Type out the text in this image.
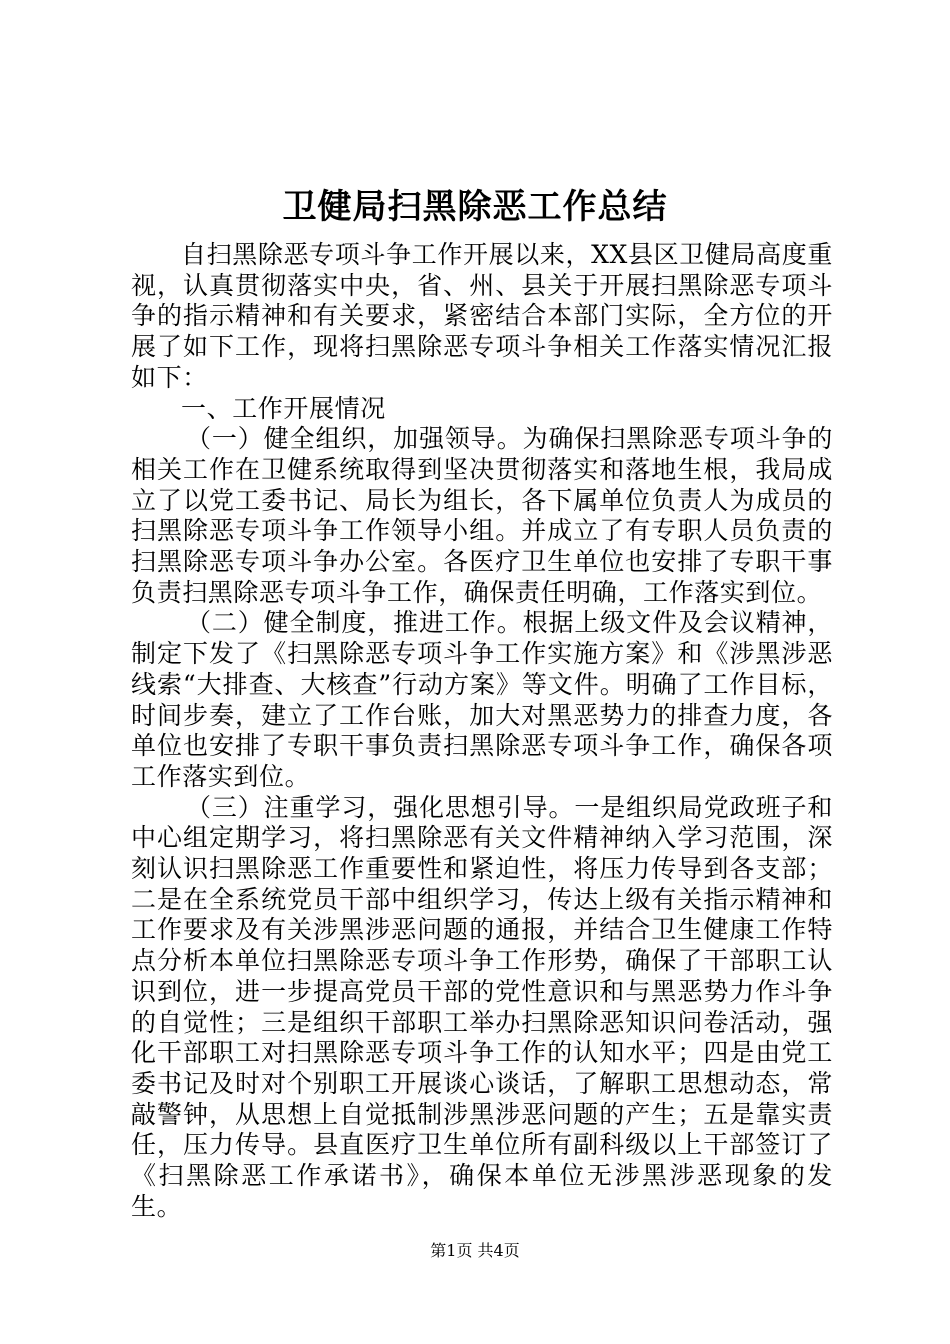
卫健局扫黑除恶工作总结

自扫黑除恶专项斗争工作开展以来，XX县区卫健局高度重视，认真贯彻落实中央，省、州、县关于开展扫黑除恶专项斗争的指示精神和有关要求，紧密结合本部门实际，全方位的开展了如下工作，现将扫黑除恶专项斗争相关工作落实情况汇报如下：

一、工作开展情况

（一）健全组织，加强领导。为确保扫黑除恶专项斗争的相关工作在卫健系统取得到坚决贯彻落实和落地生根，我局成立了以党工委书记、局长为组长，各下属单位负责人为成员的扫黑除恶专项斗争工作领导小组。并成立了有专职人员负责的扫黑除恶专项斗争办公室。各医疗卫生单位也安排了专职干事负责扫黑除恶专项斗争工作，确保责任明确，工作落实到位。

（二）健全制度，推进工作。根据上级文件及会议精神，制定下发了《扫黑除恶专项斗争工作实施方案》和《涉黑涉恶线索“大排查、大核查”行动方案》等文件。明确了工作目标，时间步奏，建立了工作台账，加大对黑恶势力的排查力度，各单位也安排了专职干事负责扫黑除恶专项斗争工作，确保各项工作落实到位。

（三）注重学习，强化思想引导。一是组织局党政班子和中心组定期学习，将扫黑除恶有关文件精神纳入学习范围，深刻认识扫黑除恶工作重要性和紧迫性，将压力传导到各支部；二是在全系统党员干部中组织学习，传达上级有关指示精神和工作要求及有关涉黑涉恶问题的通报，并结合卫生健康工作特点分析本单位扫黑除恶专项斗争工作形势，确保了干部职工认识到位，进一步提高党员干部的党性意识和与黑恶势力作斗争的自觉性；三是组织干部职工举办扫黑除恶知识问卷活动，强化干部职工对扫黑除恶专项斗争工作的认知水平；四是由党工委书记及时对个别职工开展谈心谈话，了解职工思想动态，常敲警钟，从思想上自觉抵制涉黑涉恶问题的产生；五是靠实责任，压力传导。县直医疗卫生单位所有副科级以上干部签订了《扫黑除恶工作承诺书》，确保本单位无涉黑涉恶现象的发生。

第1页 共4页
